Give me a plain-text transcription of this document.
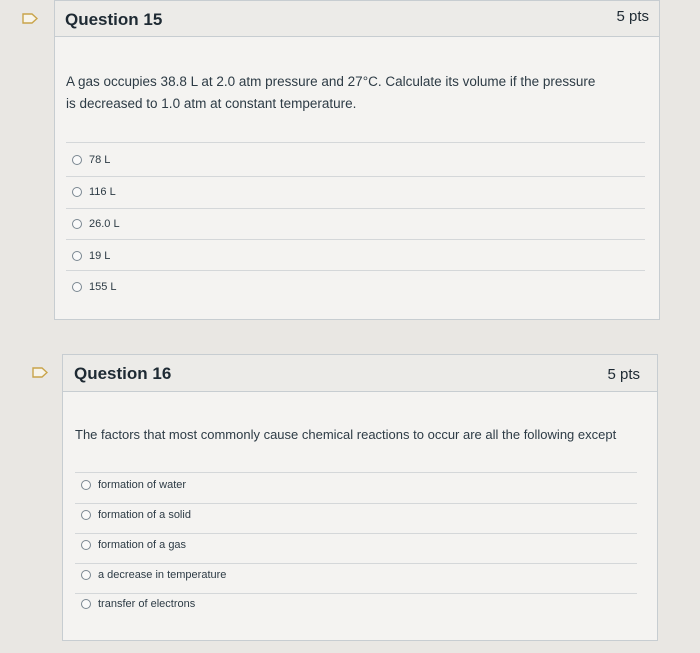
Question 15	5 pts
A gas occupies 38.8 L at 2.0 atm pressure and 27°C. Calculate its volume if the pressure is decreased to 1.0 atm at constant temperature.
78 L
116 L
26.0 L
19 L
155 L
Question 16	5 pts
The factors that most commonly cause chemical reactions to occur are all the following except
formation of water
formation of a solid
formation of a gas
a decrease in temperature
transfer of electrons
